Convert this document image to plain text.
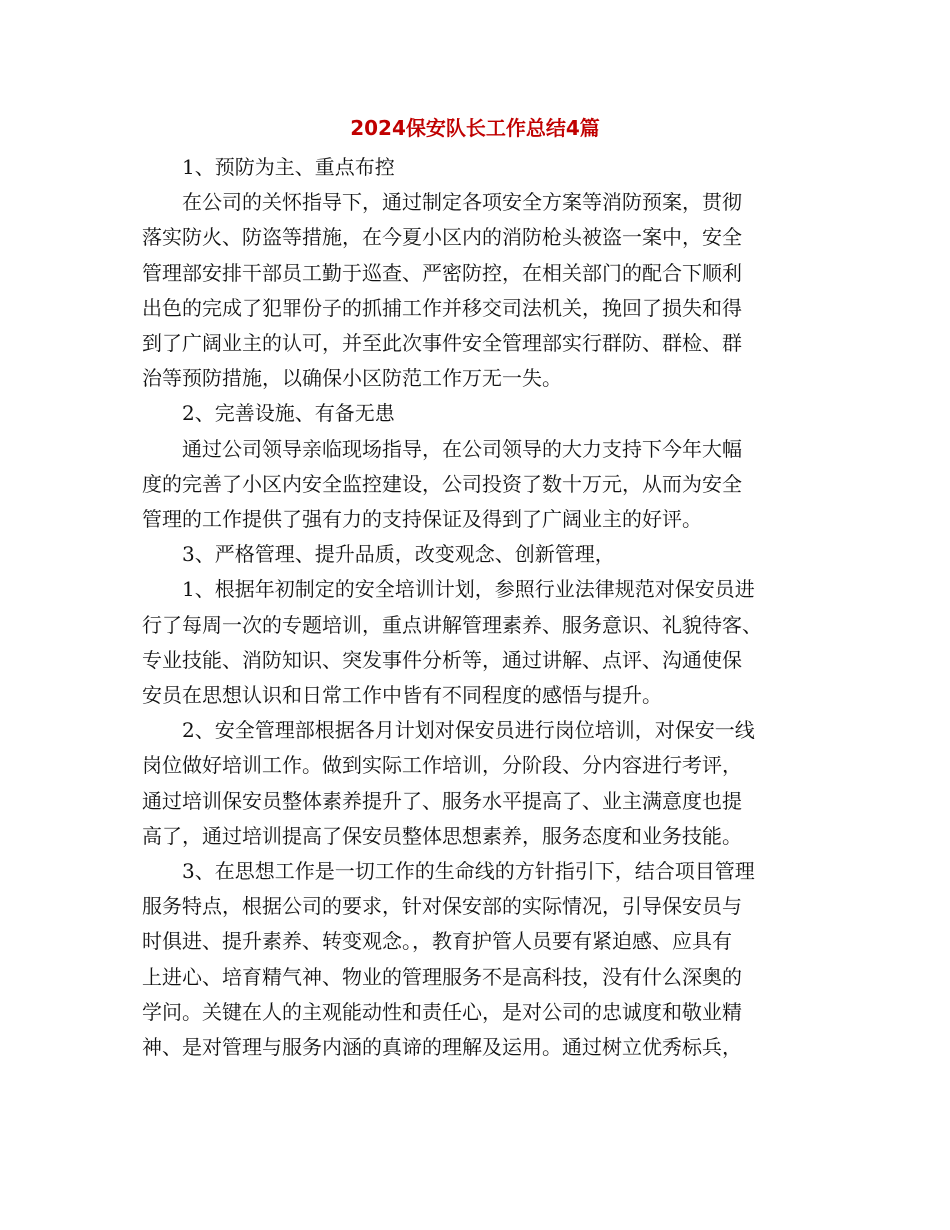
2024保安队长工作总结4篇

1、预防为主、重点布控

在公司的关怀指导下，通过制定各项安全方案等消防预案，贯彻
落实防火、防盗等措施，在今夏小区内的消防枪头被盗一案中，安全
管理部安排干部员工勤于巡查、严密防控，在相关部门的配合下顺利
出色的完成了犯罪份子的抓捕工作并移交司法机关，挽回了损失和得
到了广阔业主的认可，并至此次事件安全管理部实行群防、群检、群
治等预防措施，以确保小区防范工作万无一失。

2、完善设施、有备无患

通过公司领导亲临现场指导，在公司领导的大力支持下今年大幅
度的完善了小区内安全监控建设，公司投资了数十万元，从而为安全
管理的工作提供了强有力的支持保证及得到了广阔业主的好评。

3、严格管理、提升品质，改变观念、创新管理，

1、根据年初制定的安全培训计划，参照行业法律规范对保安员进
行了每周一次的专题培训，重点讲解管理素养、服务意识、礼貌待客、
专业技能、消防知识、突发事件分析等，通过讲解、点评、沟通使保
安员在思想认识和日常工作中皆有不同程度的感悟与提升。

2、安全管理部根据各月计划对保安员进行岗位培训，对保安一线
岗位做好培训工作。做到实际工作培训，分阶段、分内容进行考评，
通过培训保安员整体素养提升了、服务水平提高了、业主满意度也提
高了，通过培训提高了保安员整体思想素养，服务态度和业务技能。

3、在思想工作是一切工作的生命线的方针指引下，结合项目管理
服务特点，根据公司的要求，针对保安部的实际情况，引导保安员与
时俱进、提升素养、转变观念。，教育护管人员要有紧迫感、应具有
上进心、培育精气神、物业的管理服务不是高科技，没有什么深奥的
学问。关键在人的主观能动性和责任心，是对公司的忠诚度和敬业精
神、是对管理与服务内涵的真谛的理解及运用。通过树立优秀标兵，
